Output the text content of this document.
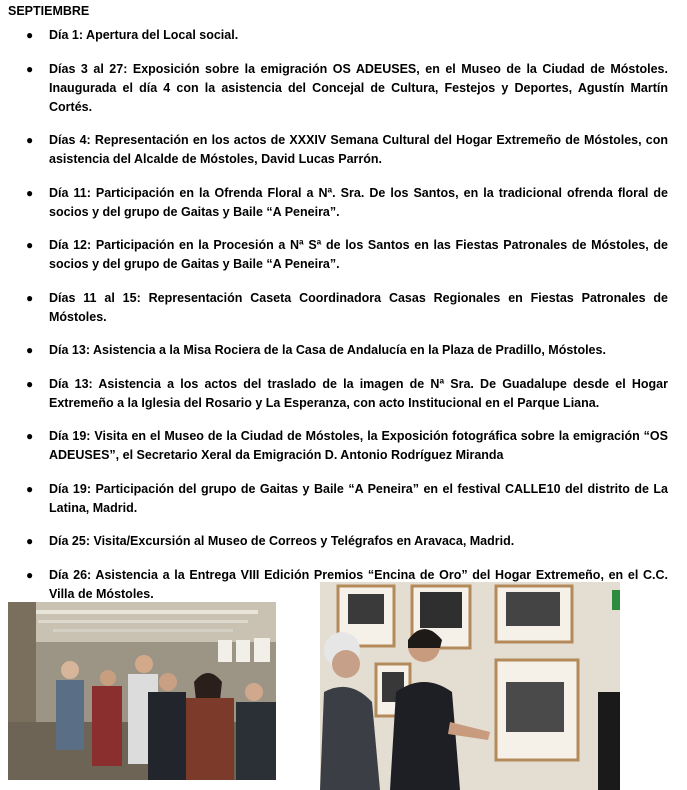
SEPTIEMBRE
● Día 1: Apertura del Local social.
● Días 3 al 27: Exposición sobre la emigración OS ADEUSES, en el Museo de la Ciudad de Móstoles. Inaugurada el día 4 con la asistencia del Concejal de Cultura, Festejos y Deportes, Agustín Martín Cortés.
● Días 4: Representación en los actos de XXXIV Semana Cultural del Hogar Extremeño de Móstoles, con asistencia del Alcalde de Móstoles, David Lucas Parrón.
● Día 11: Participación en la Ofrenda Floral a Nª. Sra. De los Santos, en la tradicional ofrenda floral de socios y del grupo de Gaitas y Baile “A Peneira”.
● Día 12: Participación en la Procesión a Nª Sª de los Santos en las Fiestas Patronales de Móstoles, de socios y del grupo de Gaitas y Baile “A Peneira”.
● Días 11 al 15: Representación Caseta Coordinadora Casas Regionales en Fiestas Patronales de Móstoles.
● Día 13: Asistencia a la Misa Rociera de la Casa de Andalucía en la Plaza de Pradillo, Móstoles.
● Día 13: Asistencia a los actos del traslado de la imagen de Nª Sra. De Guadalupe desde el Hogar Extremeño a la Iglesia del Rosario y La Esperanza, con acto Institucional en el Parque Liana.
● Día 19: Visita en el Museo de la Ciudad de Móstoles, la Exposición fotográfica sobre la emigración “OS ADEUSES”, el Secretario Xeral da Emigración D. Antonio Rodríguez Miranda
● Día 19: Participación del grupo de Gaitas y Baile “A Peneira” en el festival CALLE10 del distrito de La Latina, Madrid.
● Día 25: Visita/Excursión al Museo de Correos y Telégrafos en Aravaca, Madrid.
● Día 26: Asistencia a la Entrega VIII Edición Premios “Encina de Oro” del Hogar Extremeño, en el C.C. Villa de Móstoles.
